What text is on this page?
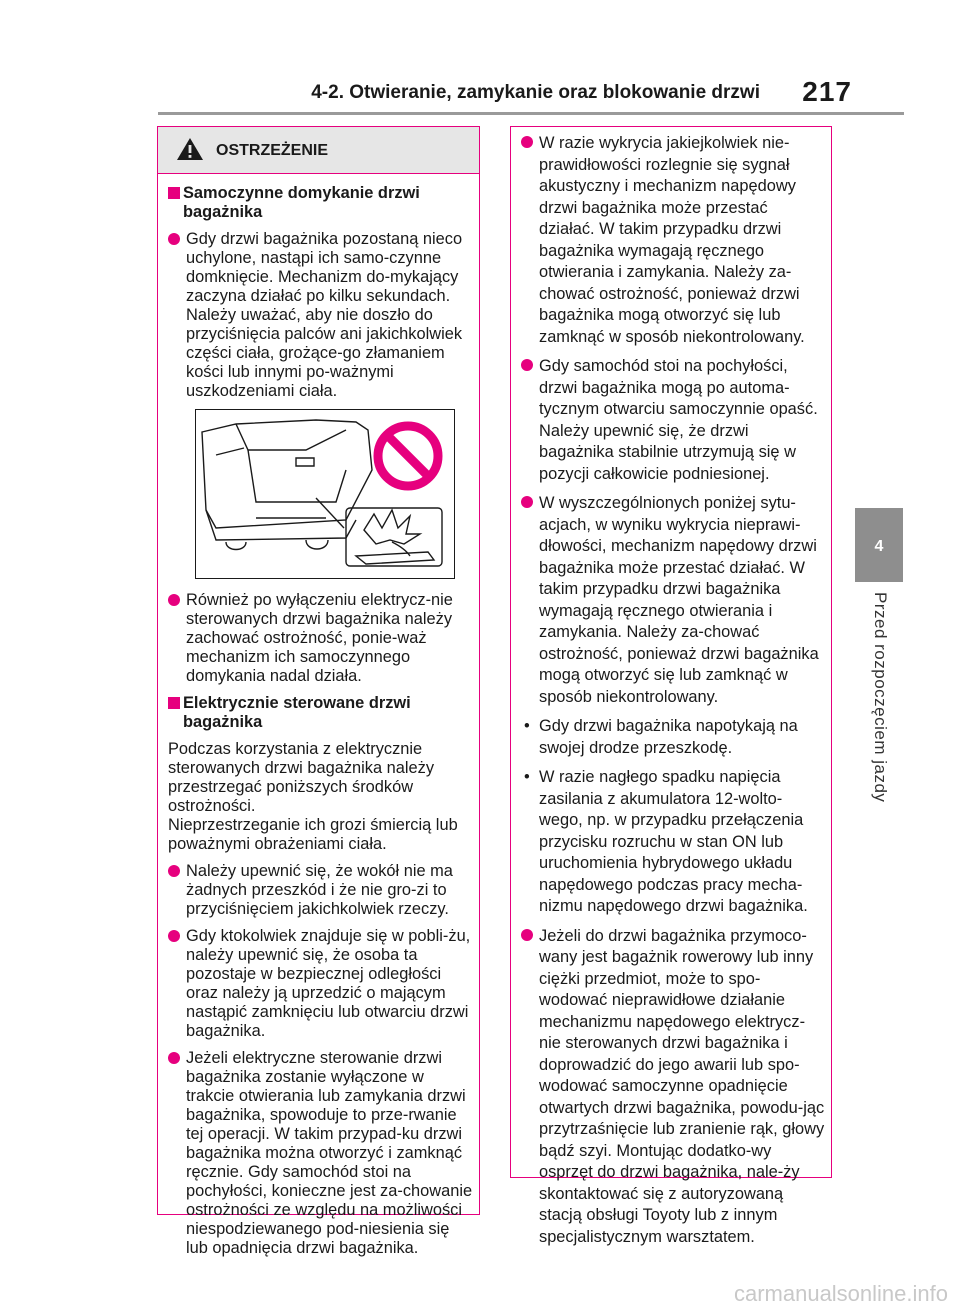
4-2. Otwieranie, zamykanie oraz blokowanie drzwi 217
4
Przed rozpoczęciem jazdy
OSTRZEŻENIE
Samoczynne domykanie drzwi bagażnika
Gdy drzwi bagażnika pozostaną nieco uchylone, nastąpi ich samo-czynne domknięcie. Mechanizm do-mykający zaczyna działać po kilku sekundach. Należy uważać, aby nie doszło do przyciśnięcia palców ani jakichkolwiek części ciała, grożące-go złamaniem kości lub innymi po-ważnymi uszkodzeniami ciała.
Również po wyłączeniu elektrycz-nie sterowanych drzwi bagażnika należy zachować ostrożność, ponie-waż mechanizm ich samoczynnego domykania nadal działa.
Elektrycznie sterowane drzwi bagażnika
Podczas korzystania z elektrycznie sterowanych drzwi bagażnika należy przestrzegać poniższych środków ostrożności.
Nieprzestrzeganie ich grozi śmiercią lub poważnymi obrażeniami ciała.
Należy upewnić się, że wokół nie ma żadnych przeszkód i że nie gro-zi to przyciśnięciem jakichkolwiek rzeczy.
Gdy ktokolwiek znajduje się w pobli-żu, należy upewnić się, że osoba ta pozostaje w bezpiecznej odległości oraz należy ją uprzedzić o mającym nastąpić zamknięciu lub otwarciu drzwi bagażnika.
Jeżeli elektryczne sterowanie drzwi bagażnika zostanie wyłączone w trakcie otwierania lub zamykania drzwi bagażnika, spowoduje to prze-rwanie tej operacji. W takim przypad-ku drzwi bagażnika można otworzyć i zamknąć ręcznie. Gdy samochód stoi na pochyłości, konieczne jest za-chowanie ostrożności ze względu na możliwości niespodziewanego pod-niesienia się lub opadnięcia drzwi bagażnika.
W razie wykrycia jakiejkolwiek nie-prawidłowości rozlegnie się sygnał akustyczny i mechanizm napędowy drzwi bagażnika może przestać działać. W takim przypadku drzwi bagażnika wymagają ręcznego otwierania i zamykania. Należy za-chować ostrożność, ponieważ drzwi bagażnika mogą otworzyć się lub zamknąć w sposób niekontrolowany.
Gdy samochód stoi na pochyłości, drzwi bagażnika mogą po automa-tycznym otwarciu samoczynnie opaść. Należy upewnić się, że drzwi bagażnika stabilnie utrzymują się w pozycji całkowicie podniesionej.
W wyszczególnionych poniżej sytu-acjach, w wyniku wykrycia nieprawi-dłowości, mechanizm napędowy drzwi bagażnika może przestać działać. W takim przypadku drzwi bagażnika wymagają ręcznego otwierania i zamykania. Należy za-chować ostrożność, ponieważ drzwi bagażnika mogą otworzyć się lub zamknąć w sposób niekontrolowany.
• Gdy drzwi bagażnika napotykają na swojej drodze przeszkodę.
• W razie nagłego spadku napięcia zasilania z akumulatora 12-wolto-wego, np. w przypadku przełączenia przycisku rozruchu w stan ON lub uruchomienia hybrydowego układu napędowego podczas pracy mecha-nizmu napędowego drzwi bagażnika.
Jeżeli do drzwi bagażnika przymoco-wany jest bagażnik rowerowy lub inny ciężki przedmiot, może to spo-wodować nieprawidłowe działanie mechanizmu napędowego elektrycz-nie sterowanych drzwi bagażnika i doprowadzić do jego awarii lub spo-wodować samoczynne opadnięcie otwartych drzwi bagażnika, powodu-jąc przytrzaśnięcie lub zranienie rąk, głowy bądź szyi. Montując dodatko-wy osprzęt do drzwi bagażnika, nale-ży skontaktować się z autoryzowaną stacją obsługi Toyoty lub z innym specjalistycznym warsztatem.
carmanualsonline.info
